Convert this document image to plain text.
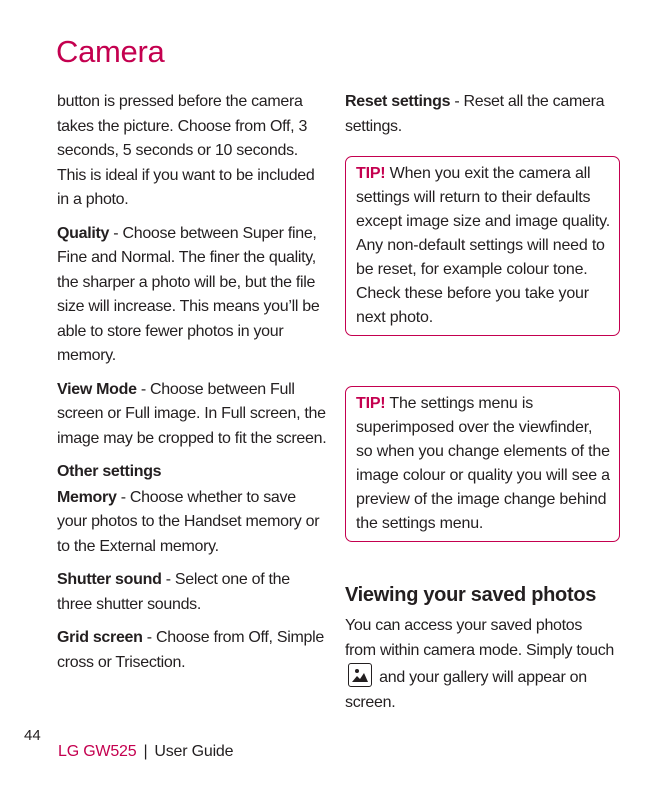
Camera

button is pressed before the camera takes the picture. Choose from Off, 3 seconds, 5 seconds or 10 seconds. This is ideal if you want to be included in a photo.

Quality - Choose between Super fine, Fine and Normal. The finer the quality, the sharper a photo will be, but the file size will increase. This means you’ll be able to store fewer photos in your memory.

View Mode - Choose between Full screen or Full image. In Full screen, the image may be cropped to fit the screen.

Other settings

Memory - Choose whether to save your photos to the Handset memory or to the External memory.

Shutter sound - Select one of the three shutter sounds.

Grid screen - Choose from Off, Simple cross or Trisection.

Reset settings - Reset all the camera settings.

TIP! When you exit the camera all settings will return to their defaults except image size and image quality. Any non-default settings will need to be reset, for example colour tone. Check these before you take your next photo.
TIP! The settings menu is superimposed over the viewfinder, so when you change elements of the image colour or quality you will see a preview of the image change behind the settings menu.
Viewing your saved photos

You can access your saved photos from within camera mode. Simply touch
and your gallery will appear on screen.

44
LG GW525 | User Guide
